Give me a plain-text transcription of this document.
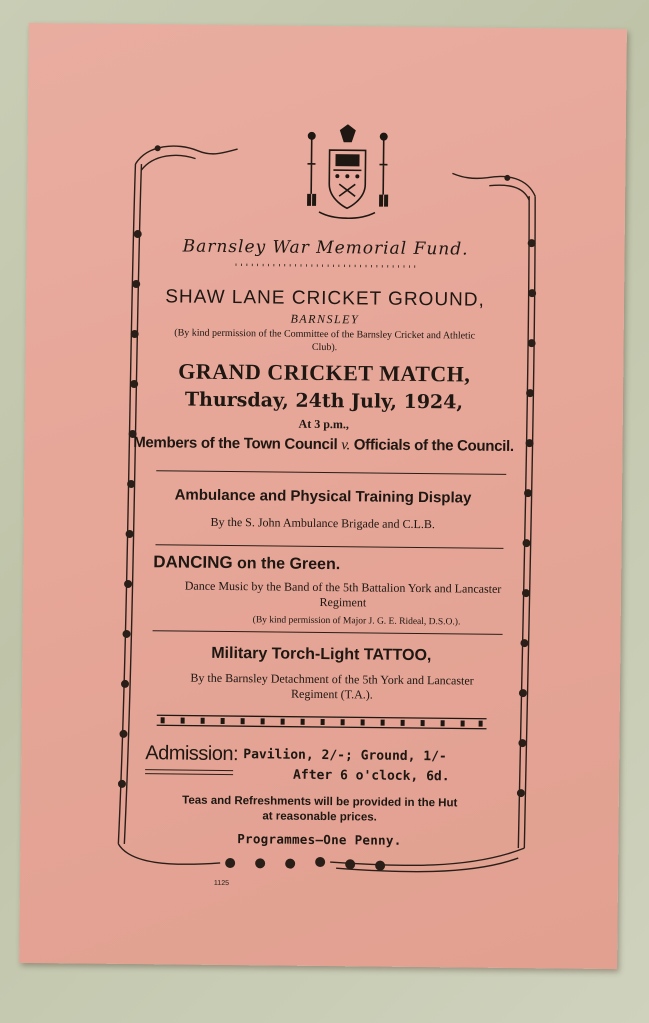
Barnsley War Memorial Fund.
''''''''''''''''''''''''''''''''''
SHAW LANE CRICKET GROUND,
BARNSLEY
(By kind permission of the Committee of the Barnsley Cricket and Athletic Club).
GRAND CRICKET MATCH,
Thursday, 24th July, 1924,
At 3 p.m.,
Members of the Town Council v. Officials of the Council.
Ambulance and Physical Training Display
By the S. John Ambulance Brigade and C.L.B.
DANCING on the Green.
Dance Music by the Band of the 5th Battalion York and Lancaster Regiment
(By kind permission of Major J. G. E. Rideal, D.S.O.).
Military Torch-Light TATTOO,
By the Barnsley Detachment of the 5th York and Lancaster Regiment (T.A.).
Admission: Pavilion, 2/-; Ground, 1/-
After 6 o'clock, 6d.
Teas and Refreshments will be provided in the Hut
at reasonable prices.
Programmes—One Penny.
1125
